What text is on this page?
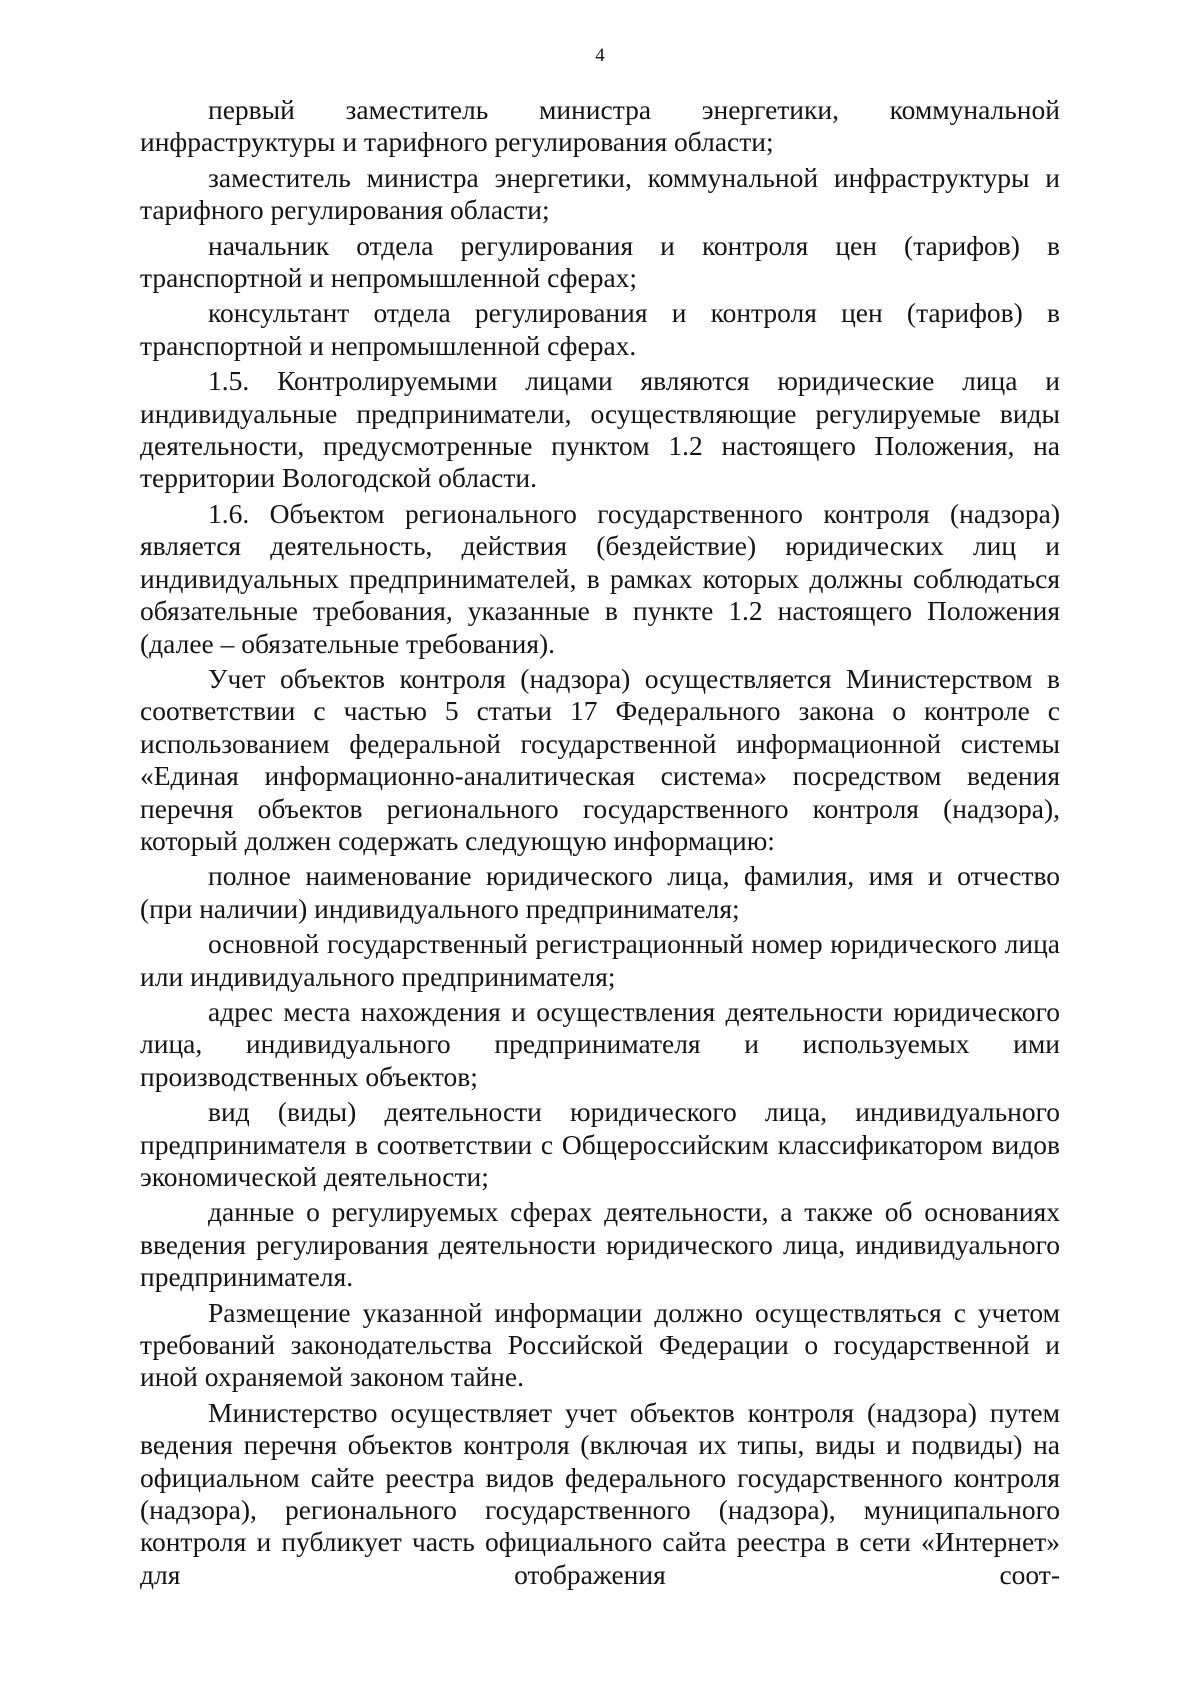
4

первый заместитель министра энергетики, коммунальной инфраструктуры и тарифного регулирования области;

заместитель министра энергетики, коммунальной инфраструктуры и тарифного регулирования области;

начальник отдела регулирования и контроля цен (тарифов) в транспортной и непромышленной сферах;

консультант отдела регулирования и контроля цен (тарифов) в транспортной и непромышленной сферах.

1.5. Контролируемыми лицами являются юридические лица и индивидуальные предприниматели, осуществляющие регулируемые виды деятельности, предусмотренные пунктом 1.2 настоящего Положения, на территории Вологодской области.

1.6. Объектом регионального государственного контроля (надзора) является деятельность, действия (бездействие) юридических лиц и индивидуальных предпринимателей, в рамках которых должны соблюдаться обязательные требования, указанные в пункте 1.2 настоящего Положения (далее – обязательные требования).

Учет объектов контроля (надзора) осуществляется Министерством в соответствии с частью 5 статьи 17 Федерального закона о контроле с использованием федеральной государственной информационной системы «Единая информационно-аналитическая система» посредством ведения перечня объектов регионального государственного контроля (надзора), который должен содержать следующую информацию:

полное наименование юридического лица, фамилия, имя и отчество (при наличии) индивидуального предпринимателя;

основной государственный регистрационный номер юридического лица или индивидуального предпринимателя;

адрес места нахождения и осуществления деятельности юридического лица, индивидуального предпринимателя и используемых ими производственных объектов;

вид (виды) деятельности юридического лица, индивидуального предпринимателя в соответствии с Общероссийским классификатором видов экономической деятельности;

данные о регулируемых сферах деятельности, а также об основаниях введения регулирования деятельности юридического лица, индивидуального предпринимателя.

Размещение указанной информации должно осуществляться с учетом требований законодательства Российской Федерации о государственной и иной охраняемой законом тайне.

Министерство осуществляет учет объектов контроля (надзора) путем ведения перечня объектов контроля (включая их типы, виды и подвиды) на официальном сайте реестра видов федерального государственного контроля (надзора), регионального государственного (надзора), муниципального контроля и публикует часть официального сайта реестра в сети «Интернет» для отображения соот-
